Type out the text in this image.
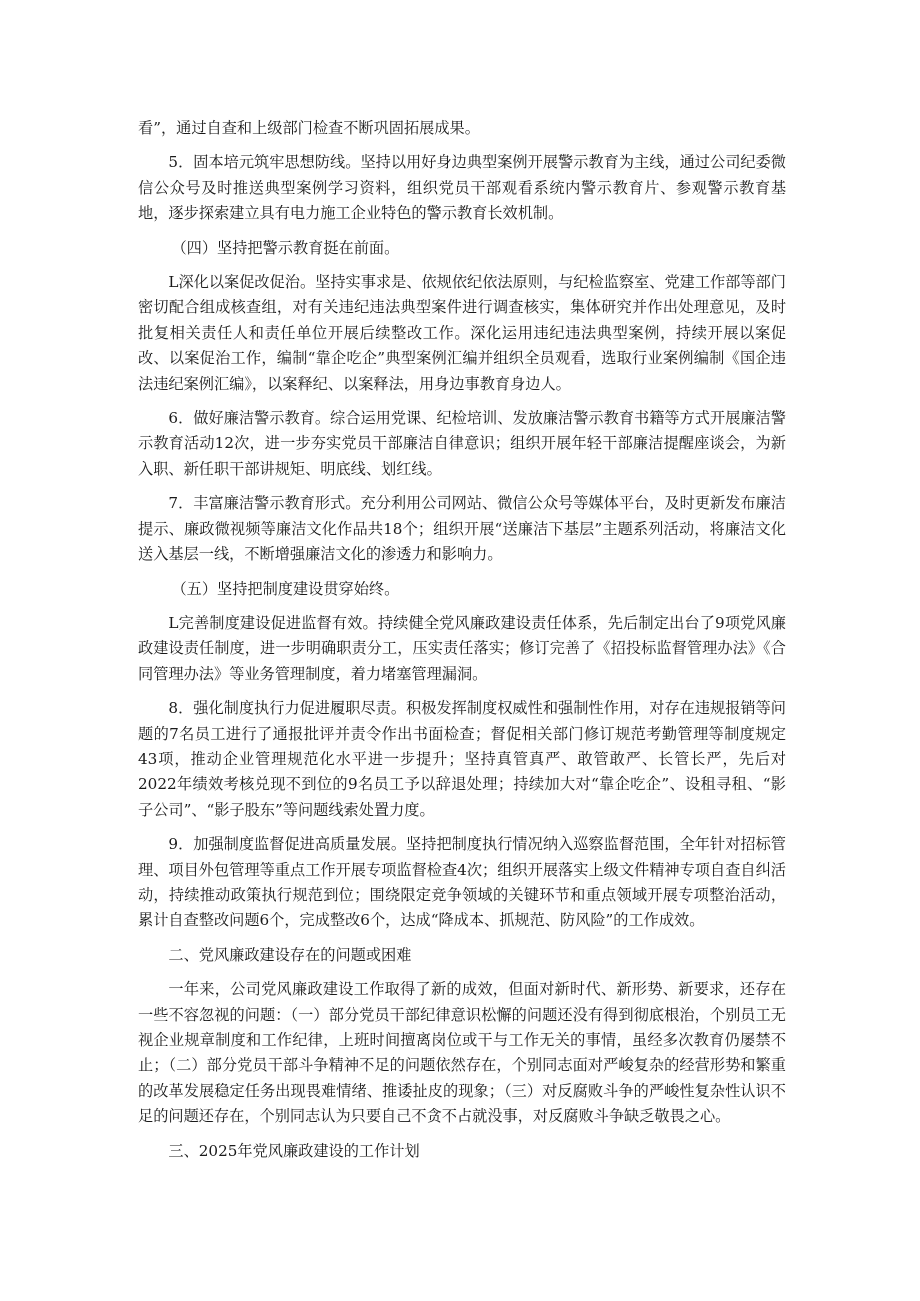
看”，通过自查和上级部门检查不断巩固拓展成果。

5．固本培元筑牢思想防线。坚持以用好身边典型案例开展警示教育为主线，通过公司纪委微信公众号及时推送典型案例学习资料，组织党员干部观看系统内警示教育片、参观警示教育基地，逐步探索建立具有电力施工企业特色的警示教育长效机制。

（四）坚持把警示教育挺在前面。

L深化以案促改促治。坚持实事求是、依规依纪依法原则，与纪检监察室、党建工作部等部门密切配合组成核查组，对有关违纪违法典型案件进行调查核实，集体研究并作出处理意见，及时批复相关责任人和责任单位开展后续整改工作。深化运用违纪违法典型案例，持续开展以案促改、以案促治工作，编制“靠企吃企”典型案例汇编并组织全员观看，选取行业案例编制《国企违法违纪案例汇编》，以案释纪、以案释法，用身边事教育身边人。

6．做好廉洁警示教育。综合运用党课、纪检培训、发放廉洁警示教育书籍等方式开展廉洁警示教育活动12次，进一步夯实党员干部廉洁自律意识；组织开展年轻干部廉洁提醒座谈会，为新入职、新任职干部讲规矩、明底线、划红线。

7．丰富廉洁警示教育形式。充分利用公司网站、微信公众号等媒体平台，及时更新发布廉洁提示、廉政微视频等廉洁文化作品共18个；组织开展“送廉洁下基层”主题系列活动，将廉洁文化送入基层一线，不断增强廉洁文化的渗透力和影响力。

（五）坚持把制度建设贯穿始终。

L完善制度建设促进监督有效。持续健全党风廉政建设责任体系，先后制定出台了9项党风廉政建设责任制度，进一步明确职责分工，压实责任落实；修订完善了《招投标监督管理办法》《合同管理办法》等业务管理制度，着力堵塞管理漏洞。

8．强化制度执行力促进履职尽责。积极发挥制度权威性和强制性作用，对存在违规报销等问题的7名员工进行了通报批评并责令作出书面检查；督促相关部门修订规范考勤管理等制度规定43项，推动企业管理规范化水平进一步提升；坚持真管真严、敢管敢严、长管长严，先后对2022年绩效考核兑现不到位的9名员工予以辞退处理；持续加大对“靠企吃企”、设租寻租、“影子公司”、“影子股东”等问题线索处置力度。

9．加强制度监督促进高质量发展。坚持把制度执行情况纳入巡察监督范围，全年针对招标管理、项目外包管理等重点工作开展专项监督检查4次；组织开展落实上级文件精神专项自查自纠活动，持续推动政策执行规范到位；围绕限定竞争领域的关键环节和重点领域开展专项整治活动，累计自查整改问题6个，完成整改6个，达成“降成本、抓规范、防风险”的工作成效。

二、党风廉政建设存在的问题或困难

一年来，公司党风廉政建设工作取得了新的成效，但面对新时代、新形势、新要求，还存在一些不容忽视的问题：（一）部分党员干部纪律意识松懈的问题还没有得到彻底根治，个别员工无视企业规章制度和工作纪律，上班时间擅离岗位或干与工作无关的事情，虽经多次教育仍屡禁不止；（二）部分党员干部斗争精神不足的问题依然存在，个别同志面对严峻复杂的经营形势和繁重的改革发展稳定任务出现畏难情绪、推诿扯皮的现象；（三）对反腐败斗争的严峻性复杂性认识不足的问题还存在，个别同志认为只要自己不贪不占就没事，对反腐败斗争缺乏敬畏之心。

三、2025年党风廉政建设的工作计划
